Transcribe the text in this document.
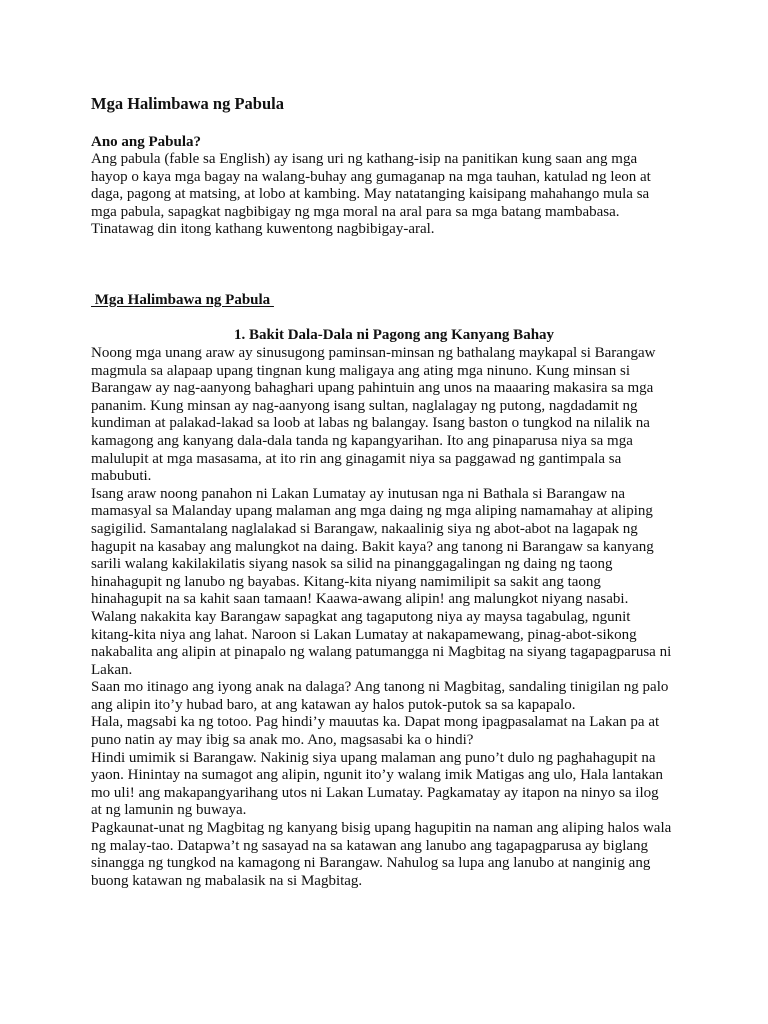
Mga Halimbawa ng Pabula
Ano ang Pabula?
Ang pabula (fable sa English) ay isang uri ng kathang-isip na panitikan kung saan ang mga
hayop o kaya mga bagay na walang-buhay ang gumaganap na mga tauhan, katulad ng leon at
daga, pagong at matsing, at lobo at kambing. May natatanging kaisipang mahahango mula sa
mga pabula, sapagkat nagbibigay ng mga moral na aral para sa mga batang mambabasa.
Tinatawag din itong kathang kuwentong nagbibigay-aral.
Mga Halimbawa ng Pabula
1. Bakit Dala-Dala ni Pagong ang Kanyang Bahay
Noong mga unang araw ay sinusugong paminsan-minsan ng bathalang maykapal si Barangaw
magmula sa alapaap upang tingnan kung maligaya ang ating mga ninuno. Kung minsan si
Barangaw ay nag-aanyong bahaghari upang pahintuin ang unos na maaaring makasira sa mga
pananim. Kung minsan ay nag-aanyong isang sultan, naglalagay ng putong, nagdadamit ng
kundiman at palakad-lakad sa loob at labas ng balangay. Isang baston o tungkod na nilalik na
kamagong ang kanyang dala-dala tanda ng kapangyarihan. Ito ang pinaparusa niya sa mga
malulupit at mga masasama, at ito rin ang ginagamit niya sa paggawad ng gantimpala sa
mabubuti.
Isang araw noong panahon ni Lakan Lumatay ay inutusan nga ni Bathala si Barangaw na
mamasyal sa Malanday upang malaman ang mga daing ng mga aliping namamahay at aliping
sagigilid. Samantalang naglalakad si Barangaw, nakaalinig siya ng abot-abot na lagapak ng
hagupit na kasabay ang malungkot na daing. Bakit kaya? ang tanong ni Barangaw sa kanyang
sarili walang kakilakilatis siyang nasok sa silid na pinanggagalingan ng daing ng taong
hinahagupit ng lanubo ng bayabas. Kitang-kita niyang namimilipit sa sakit ang taong
hinahagupit na sa kahit saan tamaan! Kaawa-awang alipin! ang malungkot niyang nasabi.
Walang nakakita kay Barangaw sapagkat ang tagaputong niya ay maysa tagabulag, ngunit
kitang-kita niya ang lahat. Naroon si Lakan Lumatay at nakapamewang, pinag-abot-sikong
nakabalita ang alipin at pinapalo ng walang patumangga ni Magbitag na siyang tagapagparusa ni
Lakan.
Saan mo itinago ang iyong anak na dalaga? Ang tanong ni Magbitag, sandaling tinigilan ng palo
ang alipin ito’y hubad baro, at ang katawan ay halos putok-putok sa sa kapapalo.
Hala, magsabi ka ng totoo. Pag hindi’y mauutas ka. Dapat mong ipagpasalamat na Lakan pa at
puno natin ay may ibig sa anak mo. Ano, magsasabi ka o hindi?
Hindi umimik si Barangaw. Nakinig siya upang malaman ang puno’t dulo ng paghahagupit na
yaon. Hinintay na sumagot ang alipin, ngunit ito’y walang imik Matigas ang ulo, Hala lantakan
mo uli! ang makapangyarihang utos ni Lakan Lumatay. Pagkamatay ay itapon na ninyo sa ilog
at ng lamunin ng buwaya.
Pagkaunat-unat ng Magbitag ng kanyang bisig upang hagupitin na naman ang aliping halos wala
ng malay-tao. Datapwa’t ng sasayad na sa katawan ang lanubo ang tagapagparusa ay biglang
sinangga ng tungkod na kamagong ni Barangaw. Nahulog sa lupa ang lanubo at nanginig ang
buong katawan ng mabalasik na si Magbitag.
